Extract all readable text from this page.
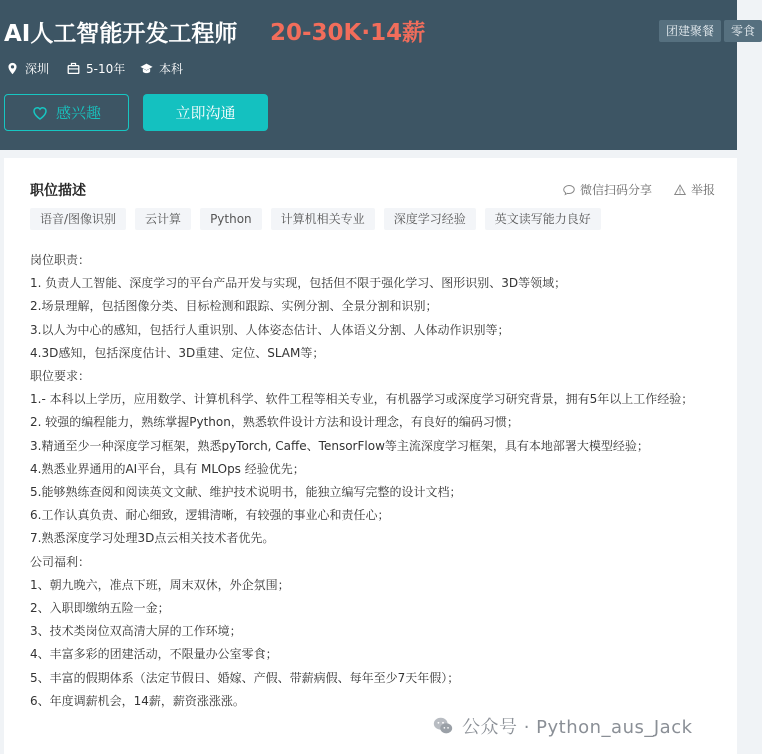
AI人工智能开发工程师 20-30K·14薪	团建聚餐	零食
深圳	5-10年	本科
感兴趣	立即沟通
职位描述	微信扫码分享	举报
语音/图像识别	云计算	Python	计算机相关专业	深度学习经验	英文读写能力良好
岗位职责：
1. 负责人工智能、深度学习的平台产品开发与实现，包括但不限于强化学习、图形识别、3D等领域；
2.场景理解，包括图像分类、目标检测和跟踪、实例分割、全景分割和识别；
3.以人为中心的感知，包括行人重识别、人体姿态估计、人体语义分割、人体动作识别等；
4.3D感知，包括深度估计、3D重建、定位、SLAM等；
职位要求：
1.- 本科以上学历，应用数学、计算机科学、软件工程等相关专业，有机器学习或深度学习研究背景，拥有5年以上工作经验；
2. 较强的编程能力，熟练掌握Python，熟悉软件设计方法和设计理念，有良好的编码习惯；
3.精通至少一种深度学习框架，熟悉pyTorch, Caffe、TensorFlow等主流深度学习框架，具有本地部署大模型经验；
4.熟悉业界通用的AI平台，具有 MLOps 经验优先；
5.能够熟练查阅和阅读英文文献、维护技术说明书，能独立编写完整的设计文档；
6.工作认真负责、耐心细致，逻辑清晰，有较强的事业心和责任心；
7.熟悉深度学习处理3D点云相关技术者优先。
公司福利：
1、朝九晚六，准点下班，周末双休，外企氛围；
2、入职即缴纳五险一金；
3、技术类岗位双高清大屏的工作环境；
4、丰富多彩的团建活动，不限量办公室零食；
5、丰富的假期体系（法定节假日、婚嫁、产假、带薪病假、每年至少7天年假）；
6、年度调薪机会，14薪，薪资涨涨涨。
公众号 · Python_aus_Jack
